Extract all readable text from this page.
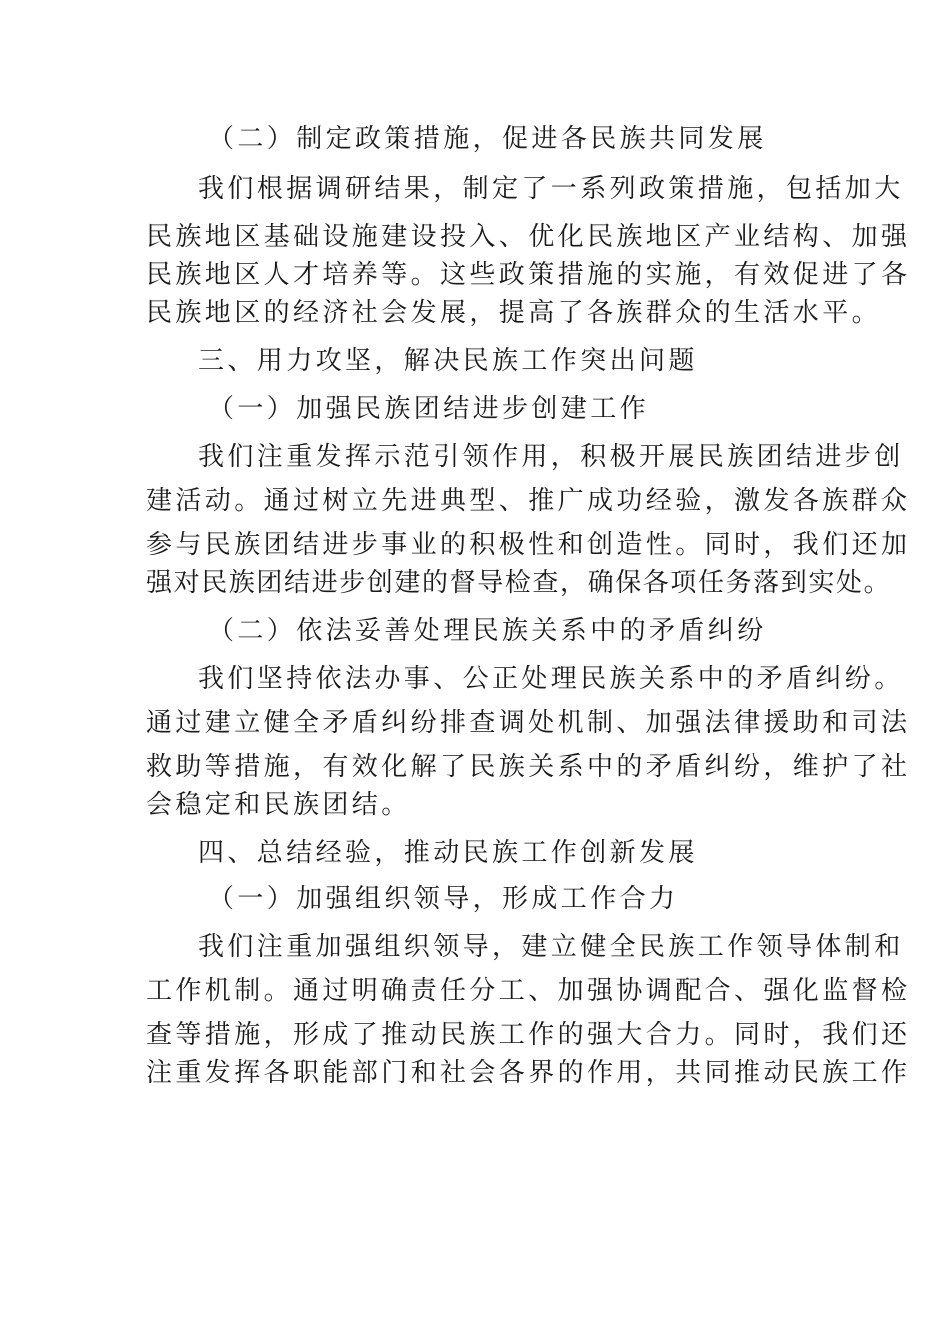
（二）制定政策措施，促进各民族共同发展
我们根据调研结果，制定了一系列政策措施，包括加大
民族地区基础设施建设投入、优化民族地区产业结构、加强
民族地区人才培养等。这些政策措施的实施，有效促进了各
民族地区的经济社会发展，提高了各族群众的生活水平。
三、用力攻坚，解决民族工作突出问题
（一）加强民族团结进步创建工作
我们注重发挥示范引领作用，积极开展民族团结进步创
建活动。通过树立先进典型、推广成功经验，激发各族群众
参与民族团结进步事业的积极性和创造性。同时，我们还加
强对民族团结进步创建的督导检查，确保各项任务落到实处。
（二）依法妥善处理民族关系中的矛盾纠纷
我们坚持依法办事、公正处理民族关系中的矛盾纠纷。
通过建立健全矛盾纠纷排查调处机制、加强法律援助和司法
救助等措施，有效化解了民族关系中的矛盾纠纷，维护了社
会稳定和民族团结。
四、总结经验，推动民族工作创新发展
（一）加强组织领导，形成工作合力
我们注重加强组织领导，建立健全民族工作领导体制和
工作机制。通过明确责任分工、加强协调配合、强化监督检
查等措施，形成了推动民族工作的强大合力。同时，我们还
注重发挥各职能部门和社会各界的作用，共同推动民族工作
